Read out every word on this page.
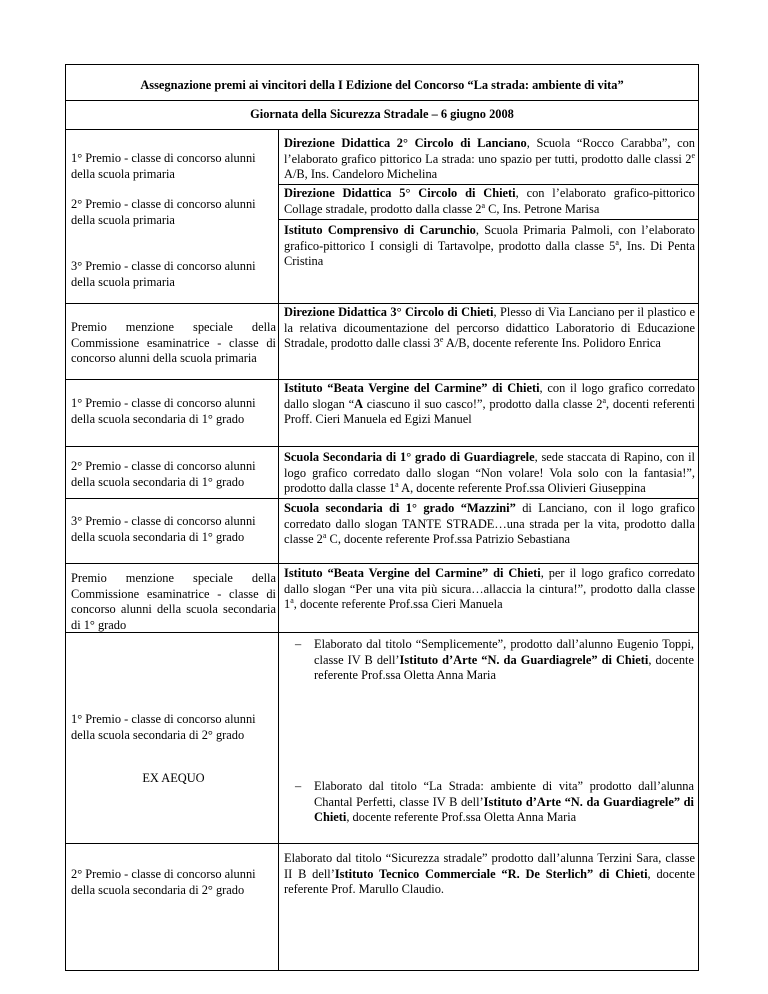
Assegnazione premi ai vincitori della I Edizione del Concorso “La strada: ambiente di vita”
Giornata della Sicurezza Stradale – 6 giugno 2008
1° Premio - classe di concorso alunni della scuola primaria
Direzione Didattica 2° Circolo di Lanciano, Scuola “Rocco Carabba”, con l’elaborato grafico pittorico La strada: uno spazio per tutti, prodotto dalle classi 2e A/B, Ins. Candeloro Michelina
2° Premio - classe di concorso alunni della scuola primaria
Direzione Didattica 5° Circolo di Chieti, con l’elaborato grafico-pittorico Collage stradale, prodotto dalla classe 2$^a$ C, Ins. Petrone Marisa
3° Premio - classe di concorso alunni della scuola primaria
Istituto Comprensivo di Carunchio, Scuola Primaria Palmoli, con l’elaborato grafico-pittorico I consigli di Tartavolpe, prodotto dalla classe 5$^a$, Ins. Di Penta Cristina
Premio menzione speciale della Commissione esaminatrice - classe di concorso alunni della scuola primaria
Direzione Didattica 3° Circolo di Chieti, Plesso di Via Lanciano per il plastico e la relativa dicoumentazione del percorso didattico Laboratorio di Educazione Stradale, prodotto dalle classi 3e A/B, docente referente Ins. Polidoro Enrica
1° Premio - classe di concorso alunni della scuola secondaria di 1° grado
Istituto “Beata Vergine del Carmine” di Chieti, con il logo grafico corredato dallo slogan “A ciascuno il suo casco!”, prodotto dalla classe 2$^a$, docenti referenti Proff. Cieri Manuela ed Egizi Manuel
2° Premio - classe di concorso alunni della scuola secondaria di 1° grado
Scuola Secondaria di 1° grado di Guardiagrele, sede staccata di Rapino, con il logo grafico corredato dallo slogan “Non volare! Vola solo con la fantasia!”, prodotto dalla classe 1$^a$ A, docente referente Prof.ssa Olivieri Giuseppina
3° Premio - classe di concorso alunni della scuola secondaria di 1° grado
Scuola secondaria di 1° grado “Mazzini” di Lanciano, con il logo grafico corredato dallo slogan TANTE STRADE…una strada per la vita, prodotto dalla classe 2$^a$ C, docente referente Prof.ssa Patrizio Sebastiana
Premio menzione speciale della Commissione esaminatrice - classe di concorso alunni della scuola secondaria di 1° grado
Istituto “Beata Vergine del Carmine” di Chieti, per il logo grafico corredato dallo slogan “Per una vita più sicura…allaccia la cintura!”, prodotto dalla classe 1$^a$, docente referente Prof.ssa Cieri Manuela
1° Premio - classe di concorso alunni della scuola secondaria di 2° grado
EX AEQUO
– Elaborato dal titolo “Semplicemente”, prodotto dall’alunno Eugenio Toppi, classe IV B dell’Istituto d’Arte “N. da Guardiagrele” di Chieti, docente referente Prof.ssa Oletta Anna Maria
– Elaborato dal titolo “La Strada: ambiente di vita” prodotto dall’alunna Chantal Perfetti, classe IV B dell’Istituto d’Arte “N. da Guardiagrele” di Chieti, docente referente Prof.ssa Oletta Anna Maria
2° Premio - classe di concorso alunni della scuola secondaria di 2° grado
Elaborato dal titolo “Sicurezza stradale” prodotto dall’alunna Terzini Sara, classe II B dell’Istituto Tecnico Commerciale “R. De Sterlich” di Chieti, docente referente Prof. Marullo Claudio.
